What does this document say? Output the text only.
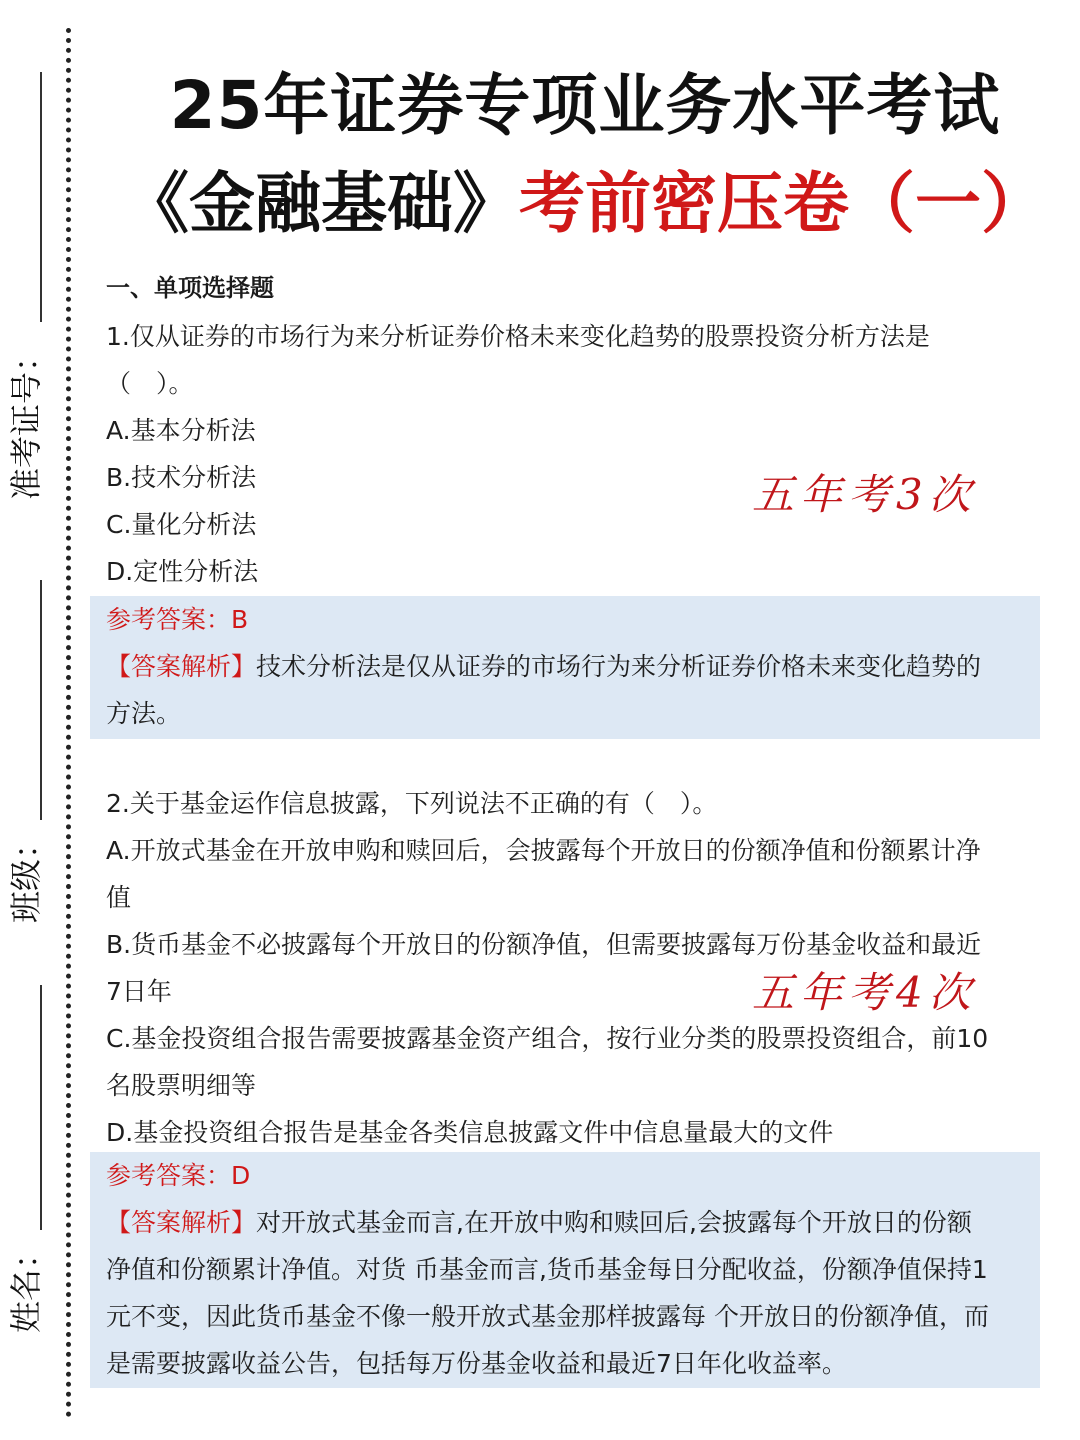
准考证号：
班级：
姓名：
25年证券专项业务水平考试
《金融基础》考前密压卷（一）
一、单项选择题
1.仅从证券的市场行为来分析证券价格未来变化趋势的股票投资分析方法是
（　）。
A.基本分析法
B.技术分析法
C.量化分析法
D.定性分析法
五年考3次
参考答案：B
【答案解析】技术分析法是仅从证券的市场行为来分析证券价格未来变化趋势的
方法。
2.关于基金运作信息披露，下列说法不正确的有（　）。
A.开放式基金在开放申购和赎回后，会披露每个开放日的份额净值和份额累计净
值
B.货币基金不必披露每个开放日的份额净值，但需要披露每万份基金收益和最近
7日年
C.基金投资组合报告需要披露基金资产组合，按行业分类的股票投资组合，前10
名股票明细等
D.基金投资组合报告是基金各类信息披露文件中信息量最大的文件
五年考4次
参考答案：D
【答案解析】对开放式基金而言,在开放中购和赎回后,会披露每个开放日的份额
净值和份额累计净值。对货 币基金而言,货币基金每日分配收益，份额净值保持1
元不变，因此货币基金不像一般开放式基金那样披露每 个开放日的份额净值，而
是需要披露收益公告，包括每万份基金收益和最近7日年化收益率。
